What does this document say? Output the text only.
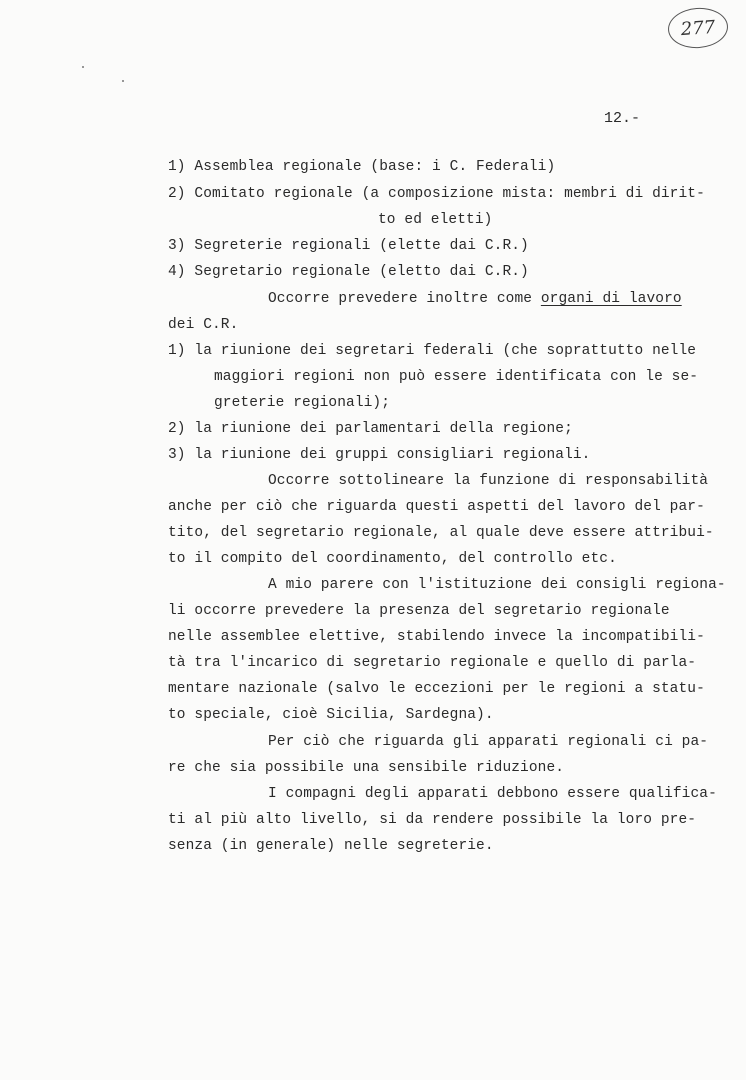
277
12.-
1) Assemblea regionale (base: i C. Federali)
2) Comitato regionale (a composizione mista: membri di dirit-
to ed eletti)
3) Segreterie regionali (elette dai C.R.)
4) Segretario regionale (eletto dai C.R.)
Occorre prevedere inoltre come organi di lavoro
dei C.R.
1) la riunione dei segretari federali (che soprattutto nelle
maggiori regioni non può essere identificata con le se-
greterie regionali);
2) la riunione dei parlamentari della regione;
3) la riunione dei gruppi consigliari regionali.
Occorre sottolineare la funzione di responsabilità
anche per ciò che riguarda questi aspetti del lavoro del par-
tito, del segretario regionale, al quale deve essere attribui-
to il compito del coordinamento, del controllo etc.
A mio parere con l'istituzione dei consigli regiona-
li occorre prevedere la presenza del segretario regionale
nelle assemblee elettive, stabilendo invece la incompatibili-
tà tra l'incarico di segretario regionale e quello di parla-
mentare nazionale (salvo le eccezioni per le regioni a statu-
to speciale, cioè Sicilia, Sardegna).
Per ciò che riguarda gli apparati regionali ci pa-
re che sia possibile una sensibile riduzione.
I compagni degli apparati debbono essere qualifica-
ti al più alto livello, si da rendere possibile la loro pre-
senza (in generale) nelle segreterie.
